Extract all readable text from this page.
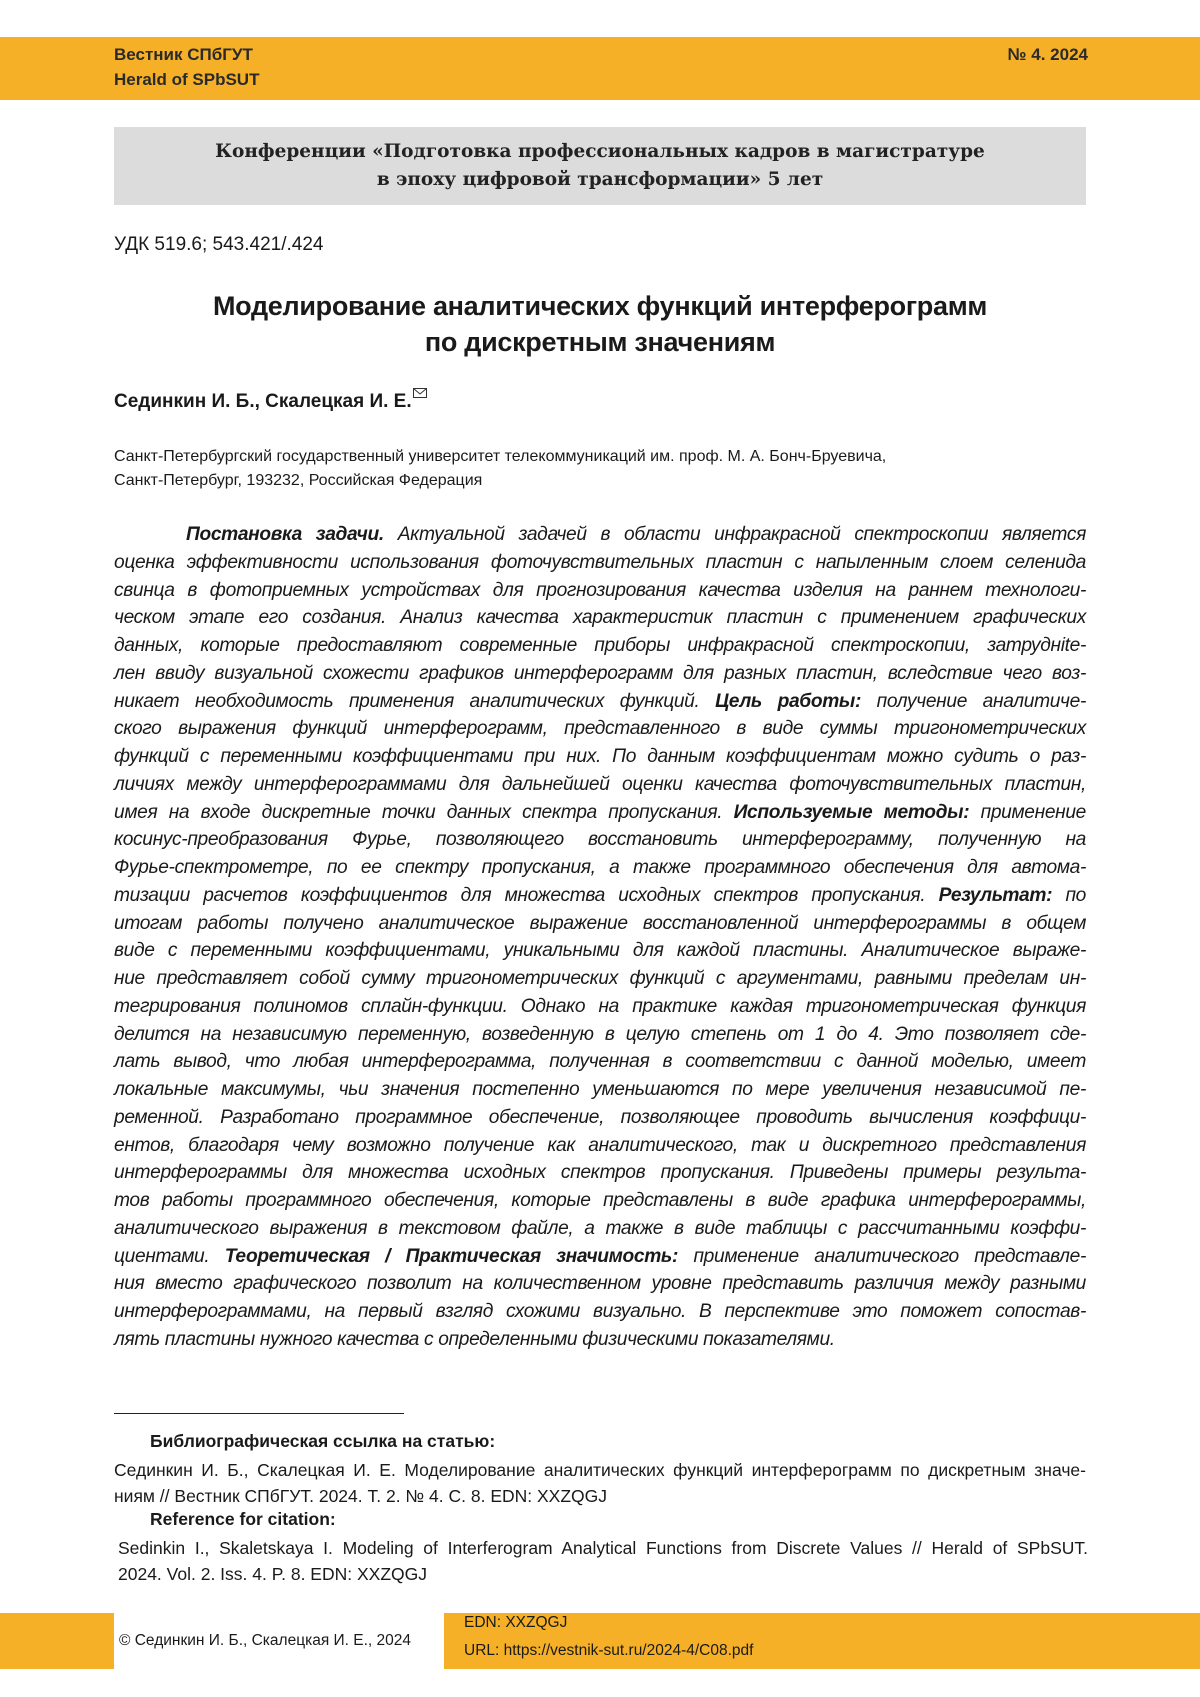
Вестник СПбГУТ
Herald of SPbSUT
№ 4. 2024
Конференции «Подготовка профессиональных кадров в магистратуре
в эпоху цифровой трансформации» 5 лет
УДК 519.6; 543.421/.424
Моделирование аналитических функций интерферограмм
по дискретным значениям
Сединкин И. Б., Скалецкая И. Е.
Санкт-Петербургский государственный университет телекоммуникаций им. проф. М. А. Бонч-Бруевича,
Санкт-Петербург, 193232, Российская Федерация
Постановка задачи. Актуальной задачей в области инфракрасной спектроскопии является
оценка эффективности использования фоточувствительных пластин с напыленным слоем селенида
свинца в фотоприемных устройствах для прогнозирования качества изделия на раннем технологи-
ческом этапе его создания. Анализ качества характеристик пластин с применением графических
данных, которые предоставляют современные приборы инфракрасной спектроскопии, затруднite-
лен ввиду визуальной схожести графиков интерферограмм для разных пластин, вследствие чего воз-
никает необходимость применения аналитических функций. Цель работы: получение аналитиче-
ского выражения функций интерферограмм, представленного в виде суммы тригонометрических
функций с переменными коэффициентами при них. По данным коэффициентам можно судить о раз-
личиях между интерферограммами для дальнейшей оценки качества фоточувствительных пластин,
имея на входе дискретные точки данных спектра пропускания. Используемые методы: применение
косинус-преобразования Фурье, позволяющего восстановить интерферограмму, полученную на
Фурье-спектрометре, по ее спектру пропускания, а также программного обеспечения для автома-
тизации расчетов коэффициентов для множества исходных спектров пропускания. Результат: по
итогам работы получено аналитическое выражение восстановленной интерферограммы в общем
виде с переменными коэффициентами, уникальными для каждой пластины. Аналитическое выраже-
ние представляет собой сумму тригонометрических функций с аргументами, равными пределам ин-
тегрирования полиномов сплайн-функции. Однако на практике каждая тригонометрическая функция
делится на независимую переменную, возведенную в целую степень от 1 до 4. Это позволяет сде-
лать вывод, что любая интерферограмма, полученная в соответствии с данной моделью, имеет
локальные максимумы, чьи значения постепенно уменьшаются по мере увеличения независимой пе-
ременной. Разработано программное обеспечение, позволяющее проводить вычисления коэффици-
ентов, благодаря чему возможно получение как аналитического, так и дискретного представления
интерферограммы для множества исходных спектров пропускания. Приведены примеры результа-
тов работы программного обеспечения, которые представлены в виде графика интерферограммы,
аналитического выражения в текстовом файле, а также в виде таблицы с рассчитанными коэффи-
циентами. Теоретическая / Практическая значимость: применение аналитического представле-
ния вместо графического позволит на количественном уровне представить различия между разными
интерферограммами, на первый взгляд схожими визуально. В перспективе это поможет сопостав-
лять пластины нужного качества с определенными физическими показателями.
Библиографическая ссылка на статью:
Сединкин И. Б., Скалецкая И. Е. Моделирование аналитических функций интерферограмм по дискретным значе-
ниям // Вестник СПбГУТ. 2024. Т. 2. № 4. С. 8. EDN: XXZQGJ
Reference for citation:
Sedinkin I., Skaletskaya I. Modeling of Interferogram Analytical Functions from Discrete Values // Herald of SPbSUT.
2024. Vol. 2. Iss. 4. P. 8. EDN: XXZQGJ
© Сединкин И. Б., Скалецкая И. Е., 2024
EDN: XXZQGJ
URL: https://vestnik-sut.ru/2024-4/C08.pdf
